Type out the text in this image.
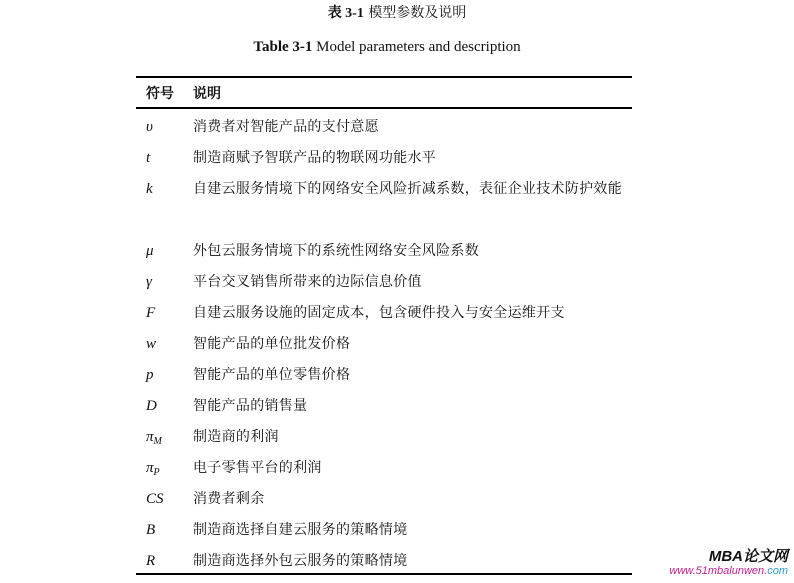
表 3-1 模型参数及说明
Table 3-1 Model parameters and description
符号 说明
υ	消费者对智能产品的支付意愿
t	制造商赋予智联产品的物联网功能水平
k	自建云服务情境下的网络安全风险折减系数，表征企业技术防护效能
μ	外包云服务情境下的系统性网络安全风险系数
γ	平台交叉销售所带来的边际信息价值
F	自建云服务设施的固定成本，包含硬件投入与安全运维开支
w	智能产品的单位批发价格
p	智能产品的单位零售价格
D	智能产品的销售量
$\pi_M$ 制造商的利润
$\pi_P$ 电子零售平台的利润
CS 消费者剩余
B	制造商选择自建云服务的策略情境
R	制造商选择外包云服务的策略情境	MBA论文网
www.51mbalunwen.com
